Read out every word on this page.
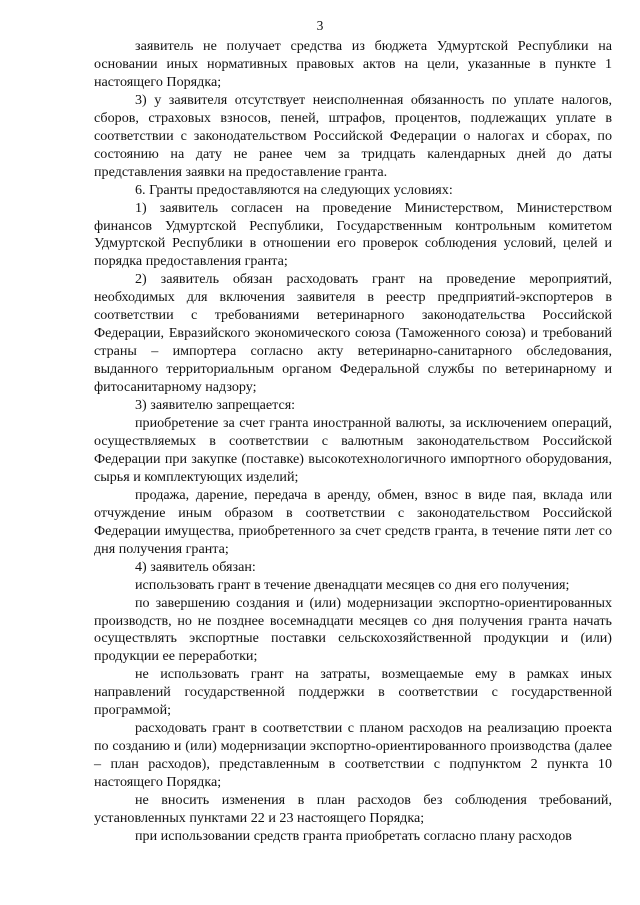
3

заявитель не получает средства из бюджета Удмуртской Республики на основании иных нормативных правовых актов на цели, указанные в пункте 1 настоящего Порядка;

3) у заявителя отсутствует неисполненная обязанность по уплате налогов, сборов, страховых взносов, пеней, штрафов, процентов, подлежащих уплате в соответствии с законодательством Российской Федерации о налогах и сборах, по состоянию на дату не ранее чем за тридцать календарных дней до даты представления заявки на предоставление гранта.

6. Гранты предоставляются на следующих условиях:

1) заявитель согласен на проведение Министерством, Министерством финансов Удмуртской Республики, Государственным контрольным комитетом Удмуртской Республики в отношении его проверок соблюдения условий, целей и порядка предоставления гранта;

2) заявитель обязан расходовать грант на проведение мероприятий, необходимых для включения заявителя в реестр предприятий-экспортеров в соответствии с требованиями ветеринарного законодательства Российской Федерации, Евразийского экономического союза (Таможенного союза) и требований страны – импортера согласно акту ветеринарно-санитарного обследования, выданного территориальным органом Федеральной службы по ветеринарному и фитосанитарному надзору;

3) заявителю запрещается:

приобретение за счет гранта иностранной валюты, за исключением операций, осуществляемых в соответствии с валютным законодательством Российской Федерации при закупке (поставке) высокотехнологичного импортного оборудования, сырья и комплектующих изделий;

продажа, дарение, передача в аренду, обмен, взнос в виде пая, вклада или отчуждение иным образом в соответствии с законодательством Российской Федерации имущества, приобретенного за счет средств гранта, в течение пяти лет со дня получения гранта;

4) заявитель обязан:

использовать грант в течение двенадцати месяцев со дня его получения;

по завершению создания и (или) модернизации экспортно-ориентированных производств, но не позднее восемнадцати месяцев со дня получения гранта начать осуществлять экспортные поставки сельскохозяйственной продукции и (или) продукции ее переработки;

не использовать грант на затраты, возмещаемые ему в рамках иных направлений государственной поддержки в соответствии с государственной программой;

расходовать грант в соответствии с планом расходов на реализацию проекта по созданию и (или) модернизации экспортно-ориентированного производства (далее – план расходов), представленным в соответствии с подпунктом 2 пункта 10 настоящего Порядка;

не вносить изменения в план расходов без соблюдения требований, установленных пунктами 22 и 23 настоящего Порядка;

при использовании средств гранта приобретать согласно плану расходов
